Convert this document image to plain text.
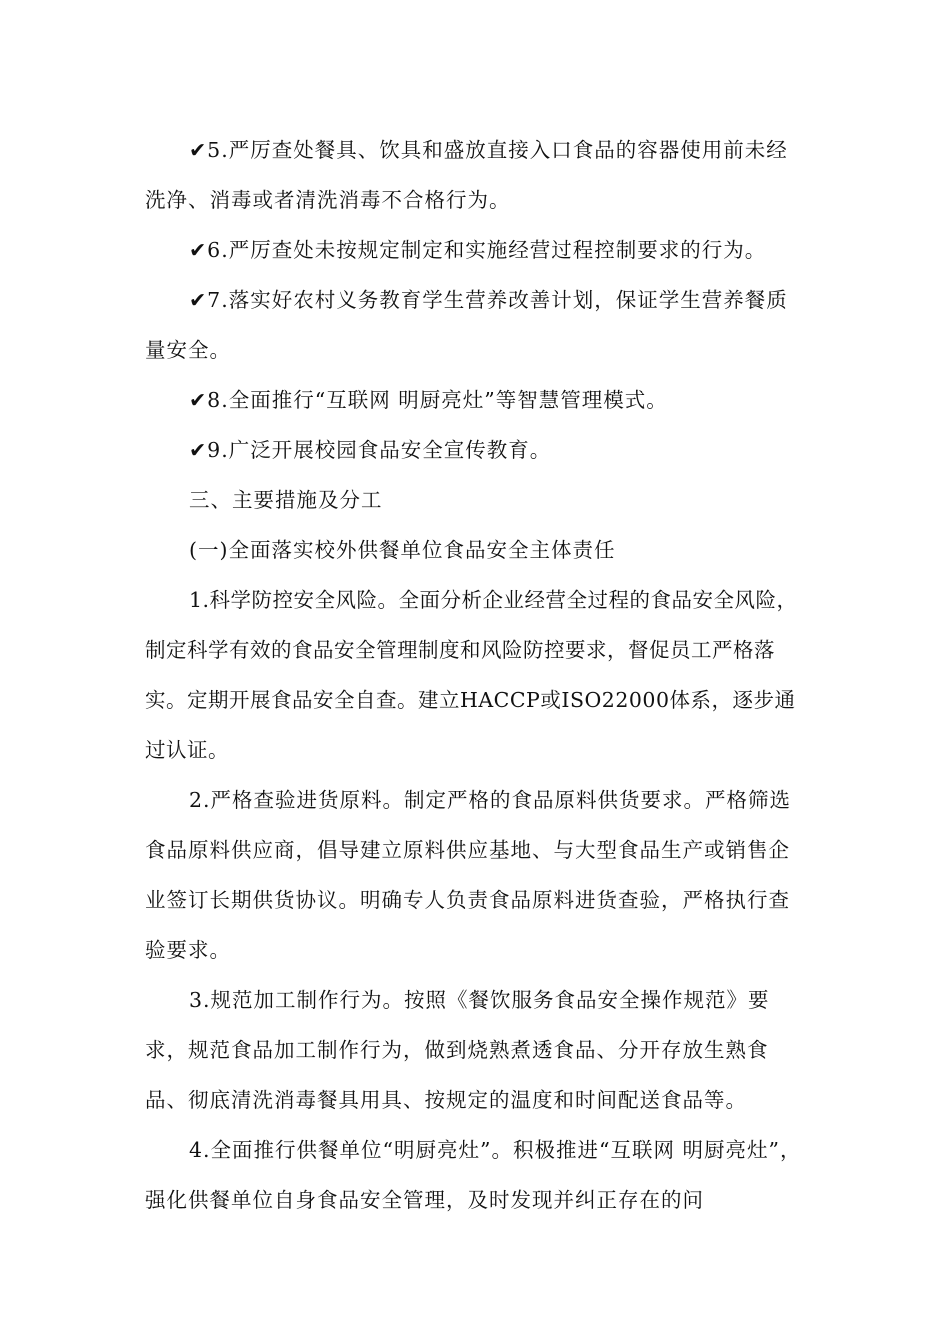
✔5.严厉查处餐具、饮具和盛放直接入口食品的容器使用前未经洗净、消毒或者清洗消毒不合格行为。

✔6.严厉查处未按规定制定和实施经营过程控制要求的行为。

✔7.落实好农村义务教育学生营养改善计划，保证学生营养餐质量安全。

✔8.全面推行“互联网 明厨亮灶”等智慧管理模式。

✔9.广泛开展校园食品安全宣传教育。

三、主要措施及分工

(一)全面落实校外供餐单位食品安全主体责任

1.科学防控安全风险。全面分析企业经营全过程的食品安全风险，制定科学有效的食品安全管理制度和风险防控要求，督促员工严格落实。定期开展食品安全自查。建立HACCP或ISO22000体系，逐步通过认证。

2.严格查验进货原料。制定严格的食品原料供货要求。严格筛选食品原料供应商，倡导建立原料供应基地、与大型食品生产或销售企业签订长期供货协议。明确专人负责食品原料进货查验，严格执行查验要求。

3.规范加工制作行为。按照《餐饮服务食品安全操作规范》要求，规范食品加工制作行为，做到烧熟煮透食品、分开存放生熟食品、彻底清洗消毒餐具用具、按规定的温度和时间配送食品等。

4.全面推行供餐单位“明厨亮灶”。积极推进“互联网 明厨亮灶”，强化供餐单位自身食品安全管理，及时发现并纠正存在的问
